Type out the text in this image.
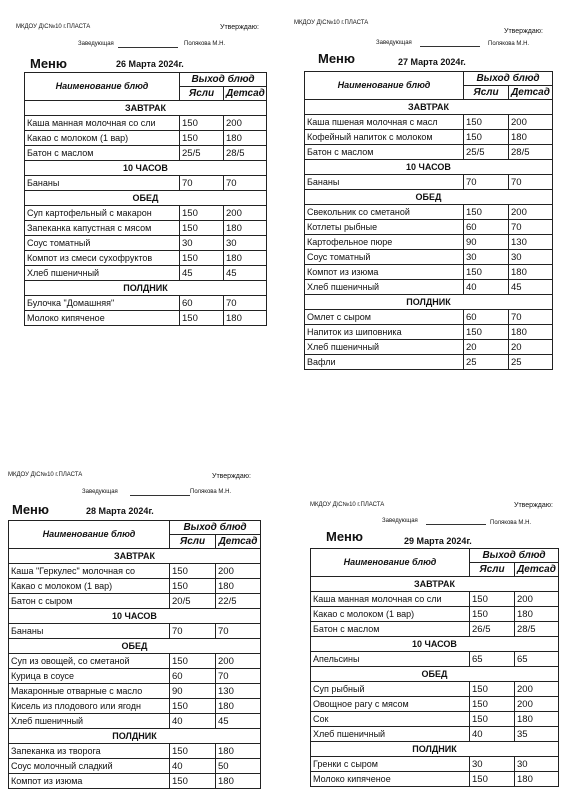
МКДОУ Д\С№10 г.ПЛАСТА	Утверждаю:
Заведующая	Полякова М.Н.
Меню	26 Марта 2024г.
Наименование блюд	Выход блюд	
	Ясли	Детсад
ЗАВТРАК		
Каша манная молочная со сли	150	200
Какао с молоком (1 вар)	150	180
Батон с маслом	25/5	28/5
10 ЧАСОВ		
Бананы	70	70
ОБЕД		
Суп картофельный с макарон	150	200
Запеканка капустная с мясом	150	180
Соус томатный	30	30
Компот из смеси сухофруктов	150	180
Хлеб пшеничный	45	45
ПОЛДНИК		
Булочка "Домашняя"	60	70
Молоко кипяченое	150	180
МКДОУ Д\С№10 г.ПЛАСТА
Утверждаю:
Заведующая	Полякова М.Н.
Меню	27 Марта 2024г.
Наименование блюд	Выход блюд	
	Ясли	Детсад
ЗАВТРАК		
Каша пшеная молочная с масл	150	200
Кофейный напиток с молоком	150	180
Батон с маслом	25/5	28/5
10 ЧАСОВ		
Бананы	70	70
ОБЕД		
Свекольник со сметаной	150	200
Котлеты рыбные	60	70
Картофельное пюре	90	130
Соус томатный	30	30
Компот из изюма	150	180
Хлеб пшеничный	40	45
ПОЛДНИК		
Омлет с сыром	60	70
Напиток из шиповника	150	180
Хлеб пшеничный	20	20
Вафли	25	25
МКДОУ Д\С№10 г.ПЛАСТА	Утверждаю:
Заведующая	Полякова М.Н.
Меню	28 Марта 2024г.
Наименование блюд	Выход блюд	
	Ясли	Детсад
ЗАВТРАК		
Каша "Геркулес" молочная со	150	200
Какао с молоком (1 вар)	150	180
Батон с сыром	20/5	22/5
10 ЧАСОВ		
Бананы	70	70
ОБЕД		
Суп из овощей, со сметаной	150	200
Курица в соусе	60	70
Макаронные отварные с масло	90	130
Кисель из плодового или ягодн	150	180
Хлеб пшеничный	40	45
ПОЛДНИК		
Запеканка из творога	150	180
Соус молочный сладкий	40	50
Компот из изюма	150	180
МКДОУ Д\С№10 г.ПЛАСТА	Утверждаю:
Заведующая	Полякова М.Н.
Меню	29 Марта 2024г.
Наименование блюд	Выход блюд	
	Ясли	Детсад
ЗАВТРАК		
Каша манная молочная со сли	150	200
Какао с молоком (1 вар)	150	180
Батон с маслом	26/5	28/5
10 ЧАСОВ		
Апельсины	65	65
ОБЕД		
Суп рыбный	150	200
Овощное рагу с мясом	150	200
Сок	150	180
Хлеб пшеничный	40	35
ПОЛДНИК		
Гренки с сыром	30	30
Молоко кипяченое	150	180
